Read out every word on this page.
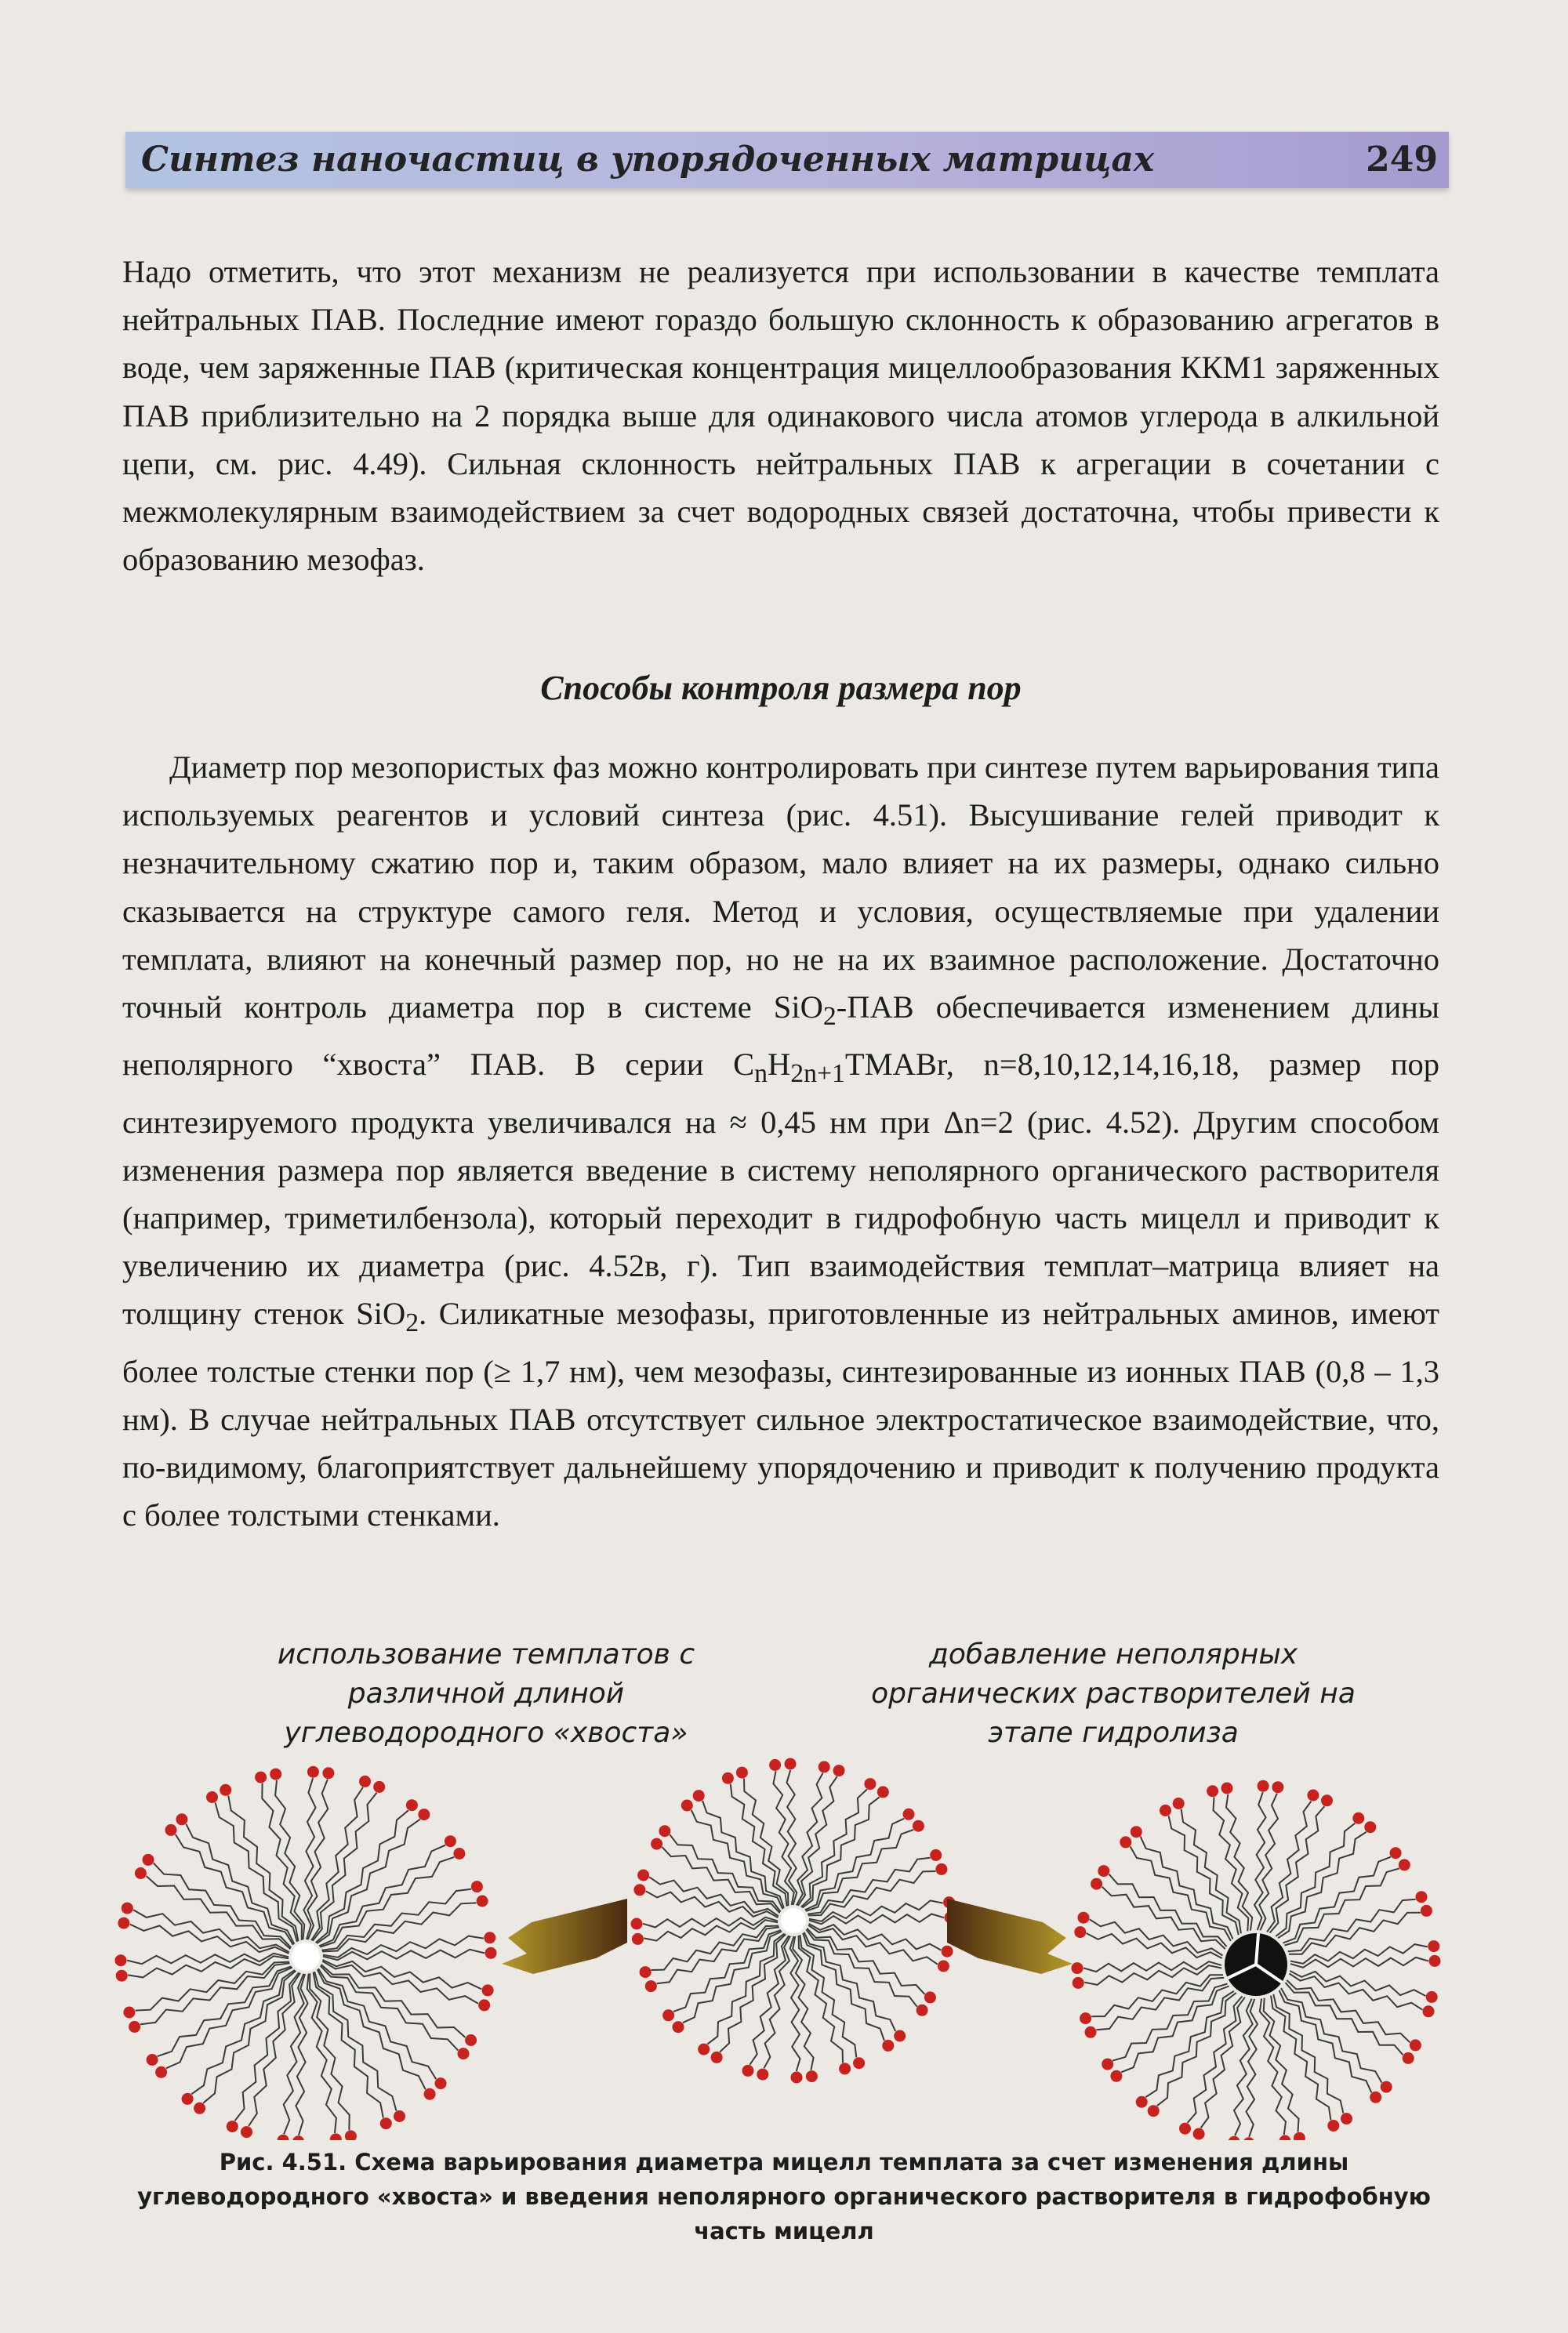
Синтез наночастиц в упорядоченных матрицах	249

Надо отметить, что этот механизм не реализуется при использовании в качестве темплата нейтральных ПАВ. Последние имеют гораздо большую склонность к образованию агрегатов в воде, чем заряженные ПАВ (критическая концентрация мицеллообразования ККМ1 заряженных ПАВ приблизительно на 2 порядка выше для одинакового числа атомов углерода в алкильной цепи, см. рис. 4.49). Сильная склонность нейтральных ПАВ к агрегации в сочетании с межмолекулярным взаимодействием за счет водородных связей достаточна, чтобы привести к образованию мезофаз.

Способы контроля размера пор

Диаметр пор мезопористых фаз можно контролировать при синтезе путем варьирования типа используемых реагентов и условий синтеза (рис. 4.51). Высушивание гелей приводит к незначительному сжатию пор и, таким образом, мало влияет на их размеры, однако сильно сказывается на структуре самого геля. Метод и условия, осуществляемые при удалении темплата, влияют на конечный размер пор, но не на их взаимное расположение. Достаточно точный контроль диаметра пор в системе SiO$_2$-ПАВ обеспечивается изменением длины неполярного “хвоста” ПАВ. В серии $C_nH_{2n+1}TMABr$, n=8,10,12,14,16,18, размер пор синтезируемого продукта увеличивался на ≈ 0,45 нм при Δn=2 (рис. 4.52). Другим способом изменения размера пор является введение в систему неполярного органического растворителя (например, триметилбензола), который переходит в гидрофобную часть мицелл и приводит к увеличению их диаметра (рис. 4.52в, г). Тип взаимодействия темплат–матрица влияет на толщину стенок SiO$_2$. Силикатные мезофазы, приготовленные из нейтральных аминов, имеют более толстые стенки пор (≥ 1,7 нм), чем мезофазы, синтезированные из ионных ПАВ (0,8 – 1,3 нм). В случае нейтральных ПАВ отсутствует сильное электростатическое взаимодействие, что, по-видимому, благоприятствует дальнейшему упорядочению и приводит к получению продукта с более толстыми стенками.

использование темплатов с различной длиной углеводородного «хвоста»
добавление неполярных органических растворителей на этапе гидролиза
Рис. 4.51. Схема варьирования диаметра мицелл темплата за счет изменения длины углеводородного «хвоста» и введения неполярного органического растворителя в гидрофобную часть мицелл
